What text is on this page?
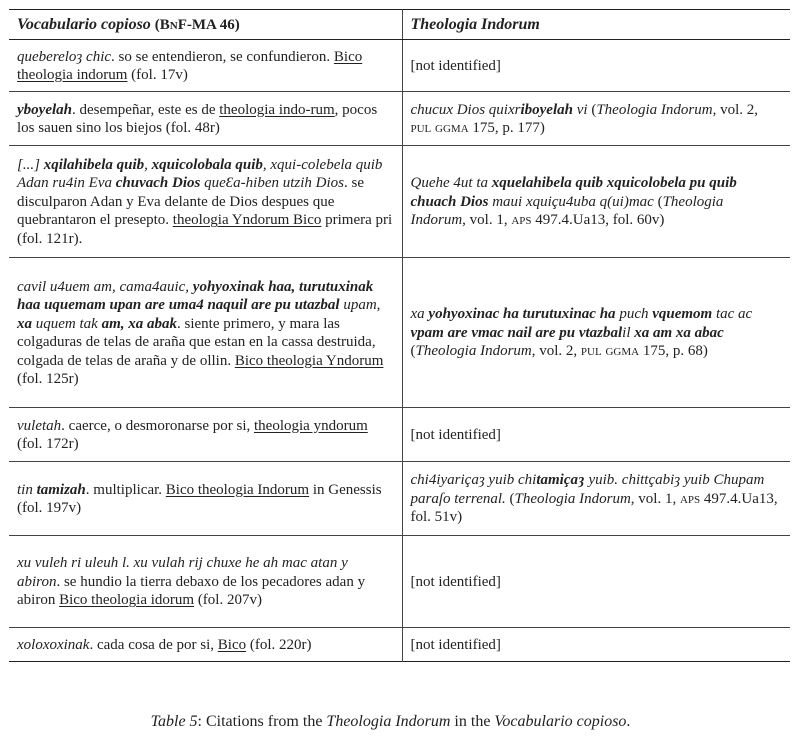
Vocabulario copioso (BnF-MA 46)	Theologia Indorum
quebereloȝ chic. so se entendieron, se confundieron. Bico theologia indorum (fol. 17v)	[not identified]
yboyelah. desempeñar, este es de theologia indo-rum, pocos los sauen sino los biejos (fol. 48r)	chucux Dios quixriboyelah vi (Theologia Indorum, vol. 2, pul ggma 175, p. 177)
[...] xqilahibela quib, xquicolobala quib, xqui-colebela quib Adan ru4in Eva chuvach Dios queƐa-hiben utzih Dios. se disculparon Adan y Eva delante de Dios despues que quebrantaron el presepto. theologia Yndorum Bico primera pri (fol. 121r).	Quehe 4ut ta xquelahibela quib xquicolobela pu quib chuach Dios maui xquiçu4uba q(ui)mac (Theologia Indorum, vol. 1, aps 497.4.Ua13, fol. 60v)
cavil u4uem am, cama4auic, yohyoxinak haa, turutuxinak haa uquemam upan are uma4 naquil are pu utazbal upam, xa uquem tak am, xa abak. siente primero, y mara las colgaduras de telas de araña que estan en la cassa destruida, colgada de telas de araña y de ollin. Bico theologia Yndorum (fol. 125r)	xa yohyoxinac ha turutuxinac ha puch vquemom tac ac vpam are vmac nail are pu vtazbalil xa am xa abac (Theologia Indorum, vol. 2, pul ggma 175, p. 68)
vuletah. caerce, o desmoronarse por si, theologia yndorum (fol. 172r)	[not identified]
tin tamizah. multiplicar. Bico theologia Indorum in Genessis (fol. 197v)	chi4iyariçaȝ yuib chitamiçaȝ yuib. chittçabiȝ yuib Chupam paraſo terrenal. (Theologia Indorum, vol. 1, aps 497.4.Ua13, fol. 51v)
xu vuleh ri uleuh l. xu vulah rij chuxe he ah mac atan y abiron. se hundio la tierra debaxo de los pecadores adan y abiron Bico theologia idorum (fol. 207v)	[not identified]
xoloxoxinak. cada cosa de por si, Bico (fol. 220r)	[not identified]
Table 5: Citations from the Theologia Indorum in the Vocabulario copioso.
